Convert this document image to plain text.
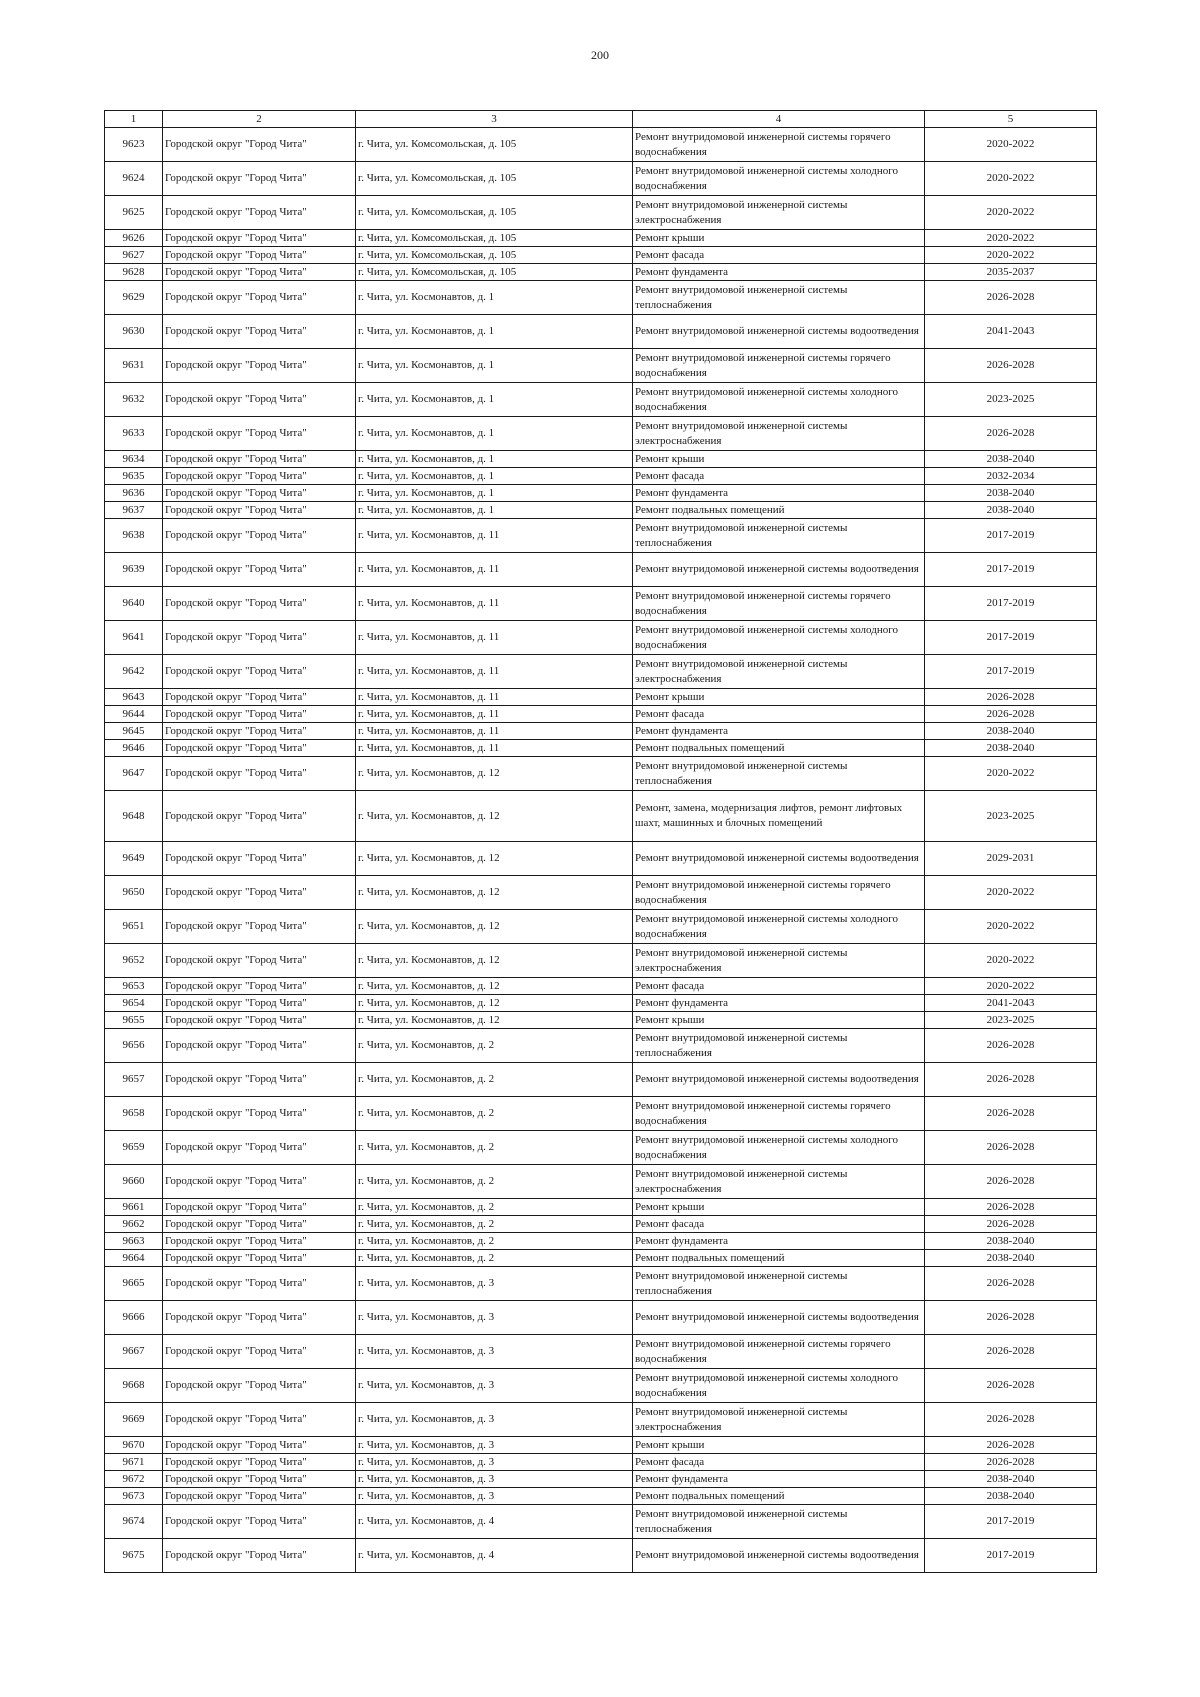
200
1	2	3	4	5
9623	Городской округ "Город Чита"	г. Чита, ул. Комсомольская, д. 105	Ремонт внутридомовой инженерной системы горячего водоснабжения	2020-2022
9624	Городской округ "Город Чита"	г. Чита, ул. Комсомольская, д. 105	Ремонт внутридомовой инженерной системы холодного водоснабжения	2020-2022
9625	Городской округ "Город Чита"	г. Чита, ул. Комсомольская, д. 105	Ремонт внутридомовой инженерной системы электроснабжения	2020-2022
9626	Городской округ "Город Чита"	г. Чита, ул. Комсомольская, д. 105	Ремонт крыши	2020-2022
9627	Городской округ "Город Чита"	г. Чита, ул. Комсомольская, д. 105	Ремонт фасада	2020-2022
9628	Городской округ "Город Чита"	г. Чита, ул. Комсомольская, д. 105	Ремонт фундамента	2035-2037
9629	Городской округ "Город Чита"	г. Чита, ул. Космонавтов, д. 1	Ремонт внутридомовой инженерной системы теплоснабжения	2026-2028
9630	Городской округ "Город Чита"	г. Чита, ул. Космонавтов, д. 1	Ремонт внутридомовой инженерной системы водоотведения	2041-2043
9631	Городской округ "Город Чита"	г. Чита, ул. Космонавтов, д. 1	Ремонт внутридомовой инженерной системы горячего водоснабжения	2026-2028
9632	Городской округ "Город Чита"	г. Чита, ул. Космонавтов, д. 1	Ремонт внутридомовой инженерной системы холодного водоснабжения	2023-2025
9633	Городской округ "Город Чита"	г. Чита, ул. Космонавтов, д. 1	Ремонт внутридомовой инженерной системы электроснабжения	2026-2028
9634	Городской округ "Город Чита"	г. Чита, ул. Космонавтов, д. 1	Ремонт крыши	2038-2040
9635	Городской округ "Город Чита"	г. Чита, ул. Космонавтов, д. 1	Ремонт фасада	2032-2034
9636	Городской округ "Город Чита"	г. Чита, ул. Космонавтов, д. 1	Ремонт фундамента	2038-2040
9637	Городской округ "Город Чита"	г. Чита, ул. Космонавтов, д. 1	Ремонт подвальных помещений	2038-2040
9638	Городской округ "Город Чита"	г. Чита, ул. Космонавтов, д. 11	Ремонт внутридомовой инженерной системы теплоснабжения	2017-2019
9639	Городской округ "Город Чита"	г. Чита, ул. Космонавтов, д. 11	Ремонт внутридомовой инженерной системы водоотведения	2017-2019
9640	Городской округ "Город Чита"	г. Чита, ул. Космонавтов, д. 11	Ремонт внутридомовой инженерной системы горячего водоснабжения	2017-2019
9641	Городской округ "Город Чита"	г. Чита, ул. Космонавтов, д. 11	Ремонт внутридомовой инженерной системы холодного водоснабжения	2017-2019
9642	Городской округ "Город Чита"	г. Чита, ул. Космонавтов, д. 11	Ремонт внутридомовой инженерной системы электроснабжения	2017-2019
9643	Городской округ "Город Чита"	г. Чита, ул. Космонавтов, д. 11	Ремонт крыши	2026-2028
9644	Городской округ "Город Чита"	г. Чита, ул. Космонавтов, д. 11	Ремонт фасада	2026-2028
9645	Городской округ "Город Чита"	г. Чита, ул. Космонавтов, д. 11	Ремонт фундамента	2038-2040
9646	Городской округ "Город Чита"	г. Чита, ул. Космонавтов, д. 11	Ремонт подвальных помещений	2038-2040
9647	Городской округ "Город Чита"	г. Чита, ул. Космонавтов, д. 12	Ремонт внутридомовой инженерной системы теплоснабжения	2020-2022
9648	Городской округ "Город Чита"	г. Чита, ул. Космонавтов, д. 12	Ремонт, замена, модернизация лифтов, ремонт лифтовых шахт, машинных и блочных помещений	2023-2025
9649	Городской округ "Город Чита"	г. Чита, ул. Космонавтов, д. 12	Ремонт внутридомовой инженерной системы водоотведения	2029-2031
9650	Городской округ "Город Чита"	г. Чита, ул. Космонавтов, д. 12	Ремонт внутридомовой инженерной системы горячего водоснабжения	2020-2022
9651	Городской округ "Город Чита"	г. Чита, ул. Космонавтов, д. 12	Ремонт внутридомовой инженерной системы холодного водоснабжения	2020-2022
9652	Городской округ "Город Чита"	г. Чита, ул. Космонавтов, д. 12	Ремонт внутридомовой инженерной системы электроснабжения	2020-2022
9653	Городской округ "Город Чита"	г. Чита, ул. Космонавтов, д. 12	Ремонт фасада	2020-2022
9654	Городской округ "Город Чита"	г. Чита, ул. Космонавтов, д. 12	Ремонт фундамента	2041-2043
9655	Городской округ "Город Чита"	г. Чита, ул. Космонавтов, д. 12	Ремонт крыши	2023-2025
9656	Городской округ "Город Чита"	г. Чита, ул. Космонавтов, д. 2	Ремонт внутридомовой инженерной системы теплоснабжения	2026-2028
9657	Городской округ "Город Чита"	г. Чита, ул. Космонавтов, д. 2	Ремонт внутридомовой инженерной системы водоотведения	2026-2028
9658	Городской округ "Город Чита"	г. Чита, ул. Космонавтов, д. 2	Ремонт внутридомовой инженерной системы горячего водоснабжения	2026-2028
9659	Городской округ "Город Чита"	г. Чита, ул. Космонавтов, д. 2	Ремонт внутридомовой инженерной системы холодного водоснабжения	2026-2028
9660	Городской округ "Город Чита"	г. Чита, ул. Космонавтов, д. 2	Ремонт внутридомовой инженерной системы электроснабжения	2026-2028
9661	Городской округ "Город Чита"	г. Чита, ул. Космонавтов, д. 2	Ремонт крыши	2026-2028
9662	Городской округ "Город Чита"	г. Чита, ул. Космонавтов, д. 2	Ремонт фасада	2026-2028
9663	Городской округ "Город Чита"	г. Чита, ул. Космонавтов, д. 2	Ремонт фундамента	2038-2040
9664	Городской округ "Город Чита"	г. Чита, ул. Космонавтов, д. 2	Ремонт подвальных помещений	2038-2040
9665	Городской округ "Город Чита"	г. Чита, ул. Космонавтов, д. 3	Ремонт внутридомовой инженерной системы теплоснабжения	2026-2028
9666	Городской округ "Город Чита"	г. Чита, ул. Космонавтов, д. 3	Ремонт внутридомовой инженерной системы водоотведения	2026-2028
9667	Городской округ "Город Чита"	г. Чита, ул. Космонавтов, д. 3	Ремонт внутридомовой инженерной системы горячего водоснабжения	2026-2028
9668	Городской округ "Город Чита"	г. Чита, ул. Космонавтов, д. 3	Ремонт внутридомовой инженерной системы холодного водоснабжения	2026-2028
9669	Городской округ "Город Чита"	г. Чита, ул. Космонавтов, д. 3	Ремонт внутридомовой инженерной системы электроснабжения	2026-2028
9670	Городской округ "Город Чита"	г. Чита, ул. Космонавтов, д. 3	Ремонт крыши	2026-2028
9671	Городской округ "Город Чита"	г. Чита, ул. Космонавтов, д. 3	Ремонт фасада	2026-2028
9672	Городской округ "Город Чита"	г. Чита, ул. Космонавтов, д. 3	Ремонт фундамента	2038-2040
9673	Городской округ "Город Чита"	г. Чита, ул. Космонавтов, д. 3	Ремонт подвальных помещений	2038-2040
9674	Городской округ "Город Чита"	г. Чита, ул. Космонавтов, д. 4	Ремонт внутридомовой инженерной системы теплоснабжения	2017-2019
9675	Городской округ "Город Чита"	г. Чита, ул. Космонавтов, д. 4	Ремонт внутридомовой инженерной системы водоотведения	2017-2019
